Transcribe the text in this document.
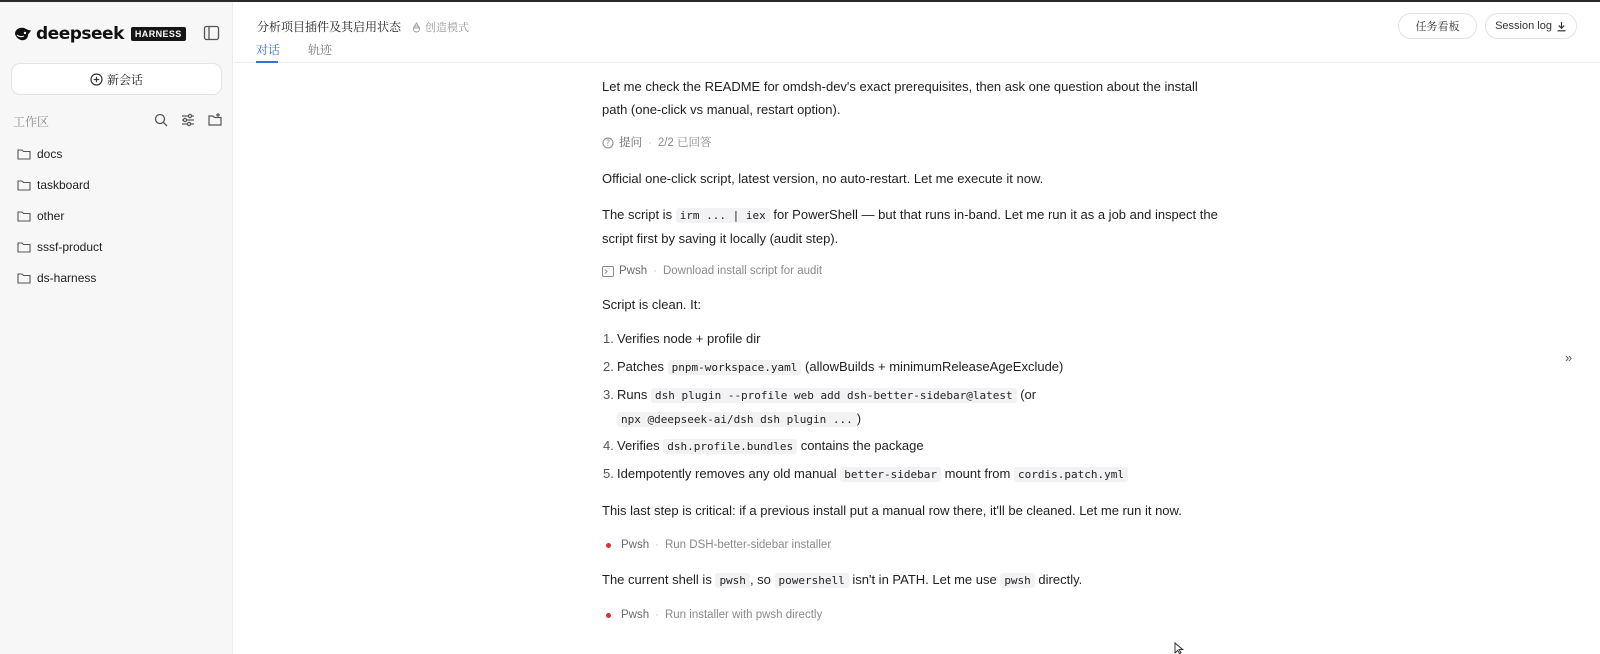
deepseek	HARNESS
新会话
工作区
docs
taskboard
other
sssf-product
ds-harness
分析项目插件及其启用状态 创造模式
对话 轨迹
任务看板	Session log
»

Let me check the README for omdsh-dev's exact prerequisites, then ask one question about the install path (one-click vs manual, restart option).

? 提问 · 2/2 已回答

Official one-click script, latest version, no auto-restart. Let me execute it now.

The script is irm ... | iex for PowerShell — but that runs in-band. Let me run it as a job and inspect the script first by saving it locally (audit step).

Pwsh · Download install script for audit

Script is clean. It:

1. Verifies node + profile dir
2. Patches pnpm-workspace.yaml (allowBuilds + minimumReleaseAgeExclude)
3. Runs dsh plugin --profile web add dsh-better-sidebar@latest (or
npx @deepseek-ai/dsh dsh plugin ... )
4. Verifies dsh.profile.bundles contains the package
5. Idempotently removes any old manual better-sidebar mount from cordis.patch.yml

This last step is critical: if a previous install put a manual row there, it'll be cleaned. Let me run it now.

Pwsh · Run DSH-better-sidebar installer

The current shell is pwsh , so powershell isn't in PATH. Let me use pwsh directly.

Pwsh · Run installer with pwsh directly
